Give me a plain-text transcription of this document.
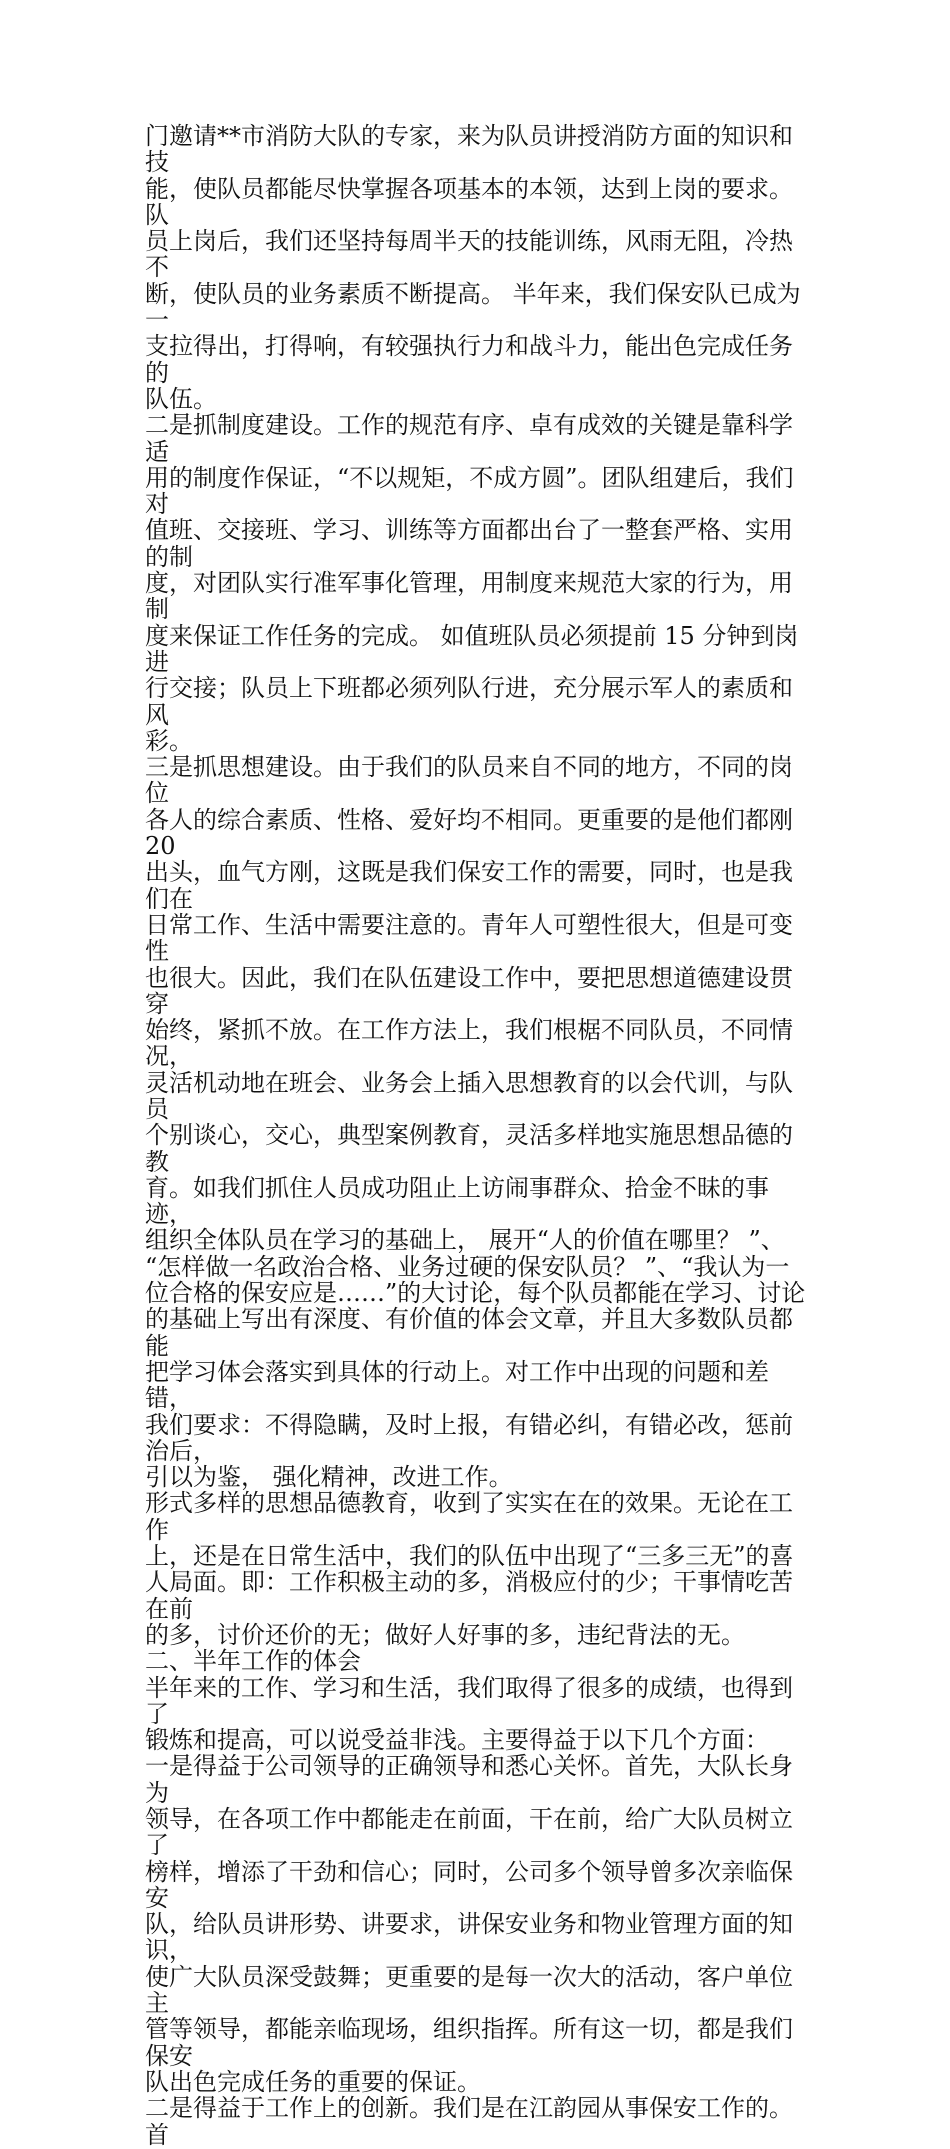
门邀请**市消防大队的专家，来为队员讲授消防方面的知识和技
能，使队员都能尽快掌握各项基本的本领，达到上岗的要求。队
员上岗后，我们还坚持每周半天的技能训练，风雨无阻，冷热不
断，使队员的业务素质不断提高。 半年来，我们保安队已成为一
支拉得出，打得响，有较强执行力和战斗力，能出色完成任务的
队伍。

二是抓制度建设。工作的规范有序、卓有成效的关键是靠科学适
用的制度作保证，“不以规矩，不成方圆”。团队组建后，我们对
值班、交接班、学习、训练等方面都出台了一整套严格、实用的制
度，对团队实行准军事化管理，用制度来规范大家的行为，用制
度来保证工作任务的完成。 如值班队员必须提前 15 分钟到岗进
行交接；队员上下班都必须列队行进，充分展示军人的素质和风
彩。

三是抓思想建设。由于我们的队员来自不同的地方，不同的岗位
各人的综合素质、性格、爱好均不相同。更重要的是他们都刚 20
出头，血气方刚，这既是我们保安工作的需要，同时，也是我们在
日常工作、生活中需要注意的。青年人可塑性很大，但是可变性
也很大。因此，我们在队伍建设工作中，要把思想道德建设贯穿
始终，紧抓不放。在工作方法上，我们根椐不同队员，不同情况，
灵活机动地在班会、业务会上插入思想教育的以会代训，与队员
个别谈心，交心，典型案例教育，灵活多样地实施思想品德的教
育。如我们抓住人员成功阻止上访闹事群众、拾金不昧的事迹，
组织全体队员在学习的基础上， 展开“人的价值在哪里？ ”、
“怎样做一名政治合格、业务过硬的保安队员？ ”、“我认为一
位合格的保安应是……”的大讨论，每个队员都能在学习、讨论
的基础上写出有深度、有价值的体会文章，并且大多数队员都能
把学习体会落实到具体的行动上。对工作中出现的问题和差错，
我们要求：不得隐瞒，及时上报，有错必纠，有错必改，惩前治后，
引以为鉴， 强化精神，改进工作。

形式多样的思想品德教育，收到了实实在在的效果。无论在工作
上，还是在日常生活中，我们的队伍中出现了“三多三无”的喜
人局面。即：工作积极主动的多，消极应付的少；干事情吃苦在前
的多，讨价还价的无；做好人好事的多，违纪背法的无。

二、半年工作的体会

半年来的工作、学习和生活，我们取得了很多的成绩，也得到了
锻炼和提高，可以说受益非浅。主要得益于以下几个方面：

一是得益于公司领导的正确领导和悉心关怀。首先，大队长身为
领导，在各项工作中都能走在前面，干在前，给广大队员树立了
榜样，增添了干劲和信心；同时，公司多个领导曾多次亲临保安
队，给队员讲形势、讲要求，讲保安业务和物业管理方面的知识，
使广大队员深受鼓舞；更重要的是每一次大的活动，客户单位主
管等领导，都能亲临现场，组织指挥。所有这一切，都是我们保安
队出色完成任务的重要的保证。

二是得益于工作上的创新。我们是在江韵园从事保安工作的。首
